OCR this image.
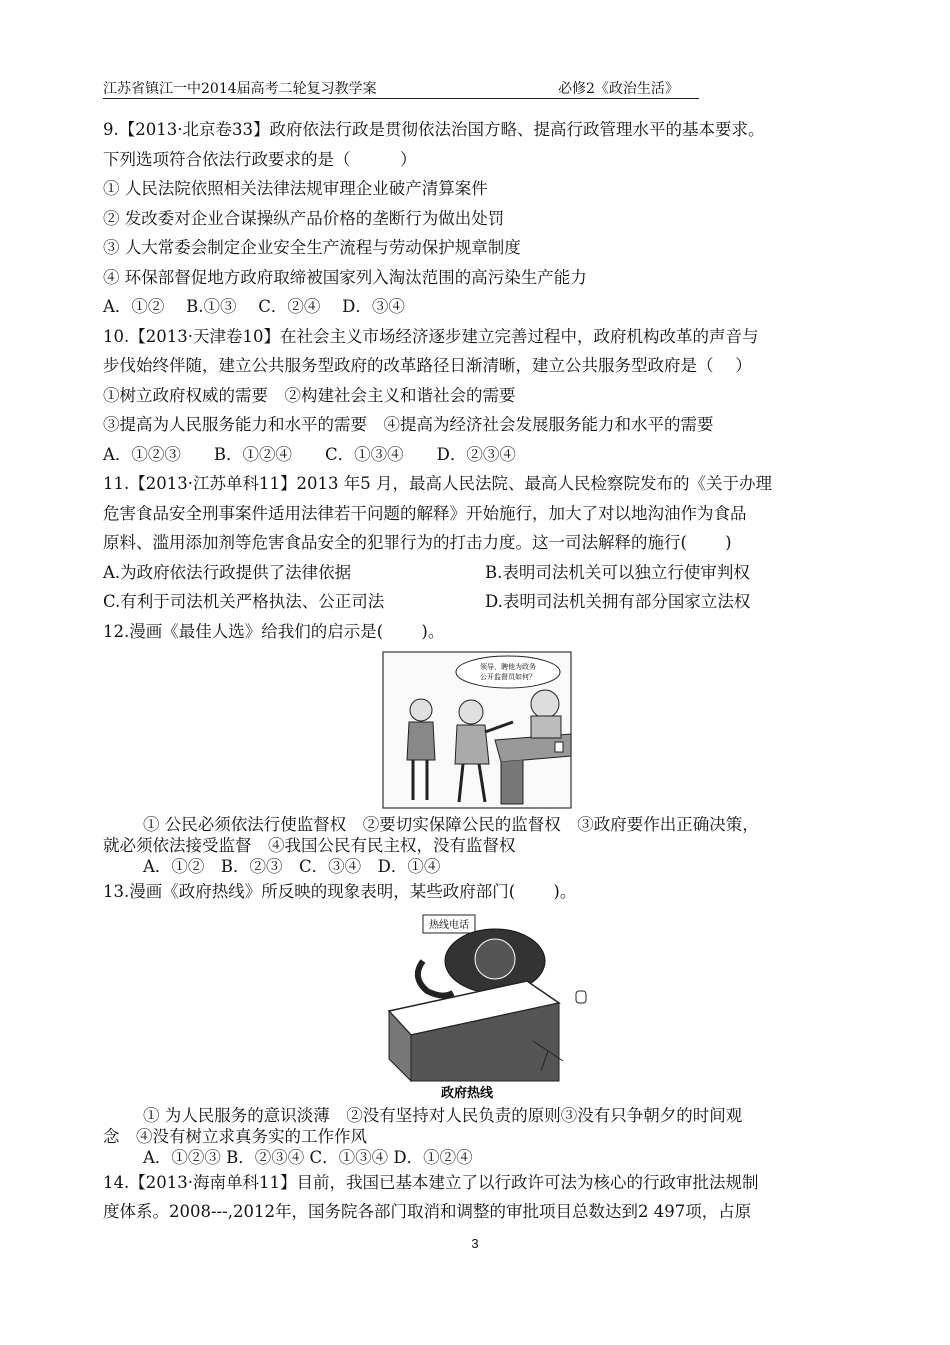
江苏省镇江一中2014届高考二轮复习教学案	必修2《政治生活》
9.【2013·北京卷33】政府依法行政是贯彻依法治国方略、提高行政管理水平的基本要求。
下列选项符合依法行政要求的是（　　　）
① 人民法院依照相关法律法规审理企业破产清算案件
② 发改委对企业合谋操纵产品价格的垄断行为做出处罚
③ 人大常委会制定企业安全生产流程与劳动保护规章制度
④ 环保部督促地方政府取缔被国家列入淘汰范围的高污染生产能力
A．①②　 B.①③　 C．②④　 D．③④
10.【2013·天津卷10】在社会主义市场经济逐步建立完善过程中，政府机构改革的声音与
步伐始终伴随，建立公共服务型政府的改革路径日渐清晰，建立公共服务型政府是（　 ）
①树立政府权威的需要　②构建社会主义和谐社会的需要
③提高为人民服务能力和水平的需要　④提高为经济社会发展服务能力和水平的需要
A．①②③　　B．①②④　　C．①③④　　D．②③④
11.【2013·江苏单科11】2013 年5 月，最高人民法院、最高人民检察院发布的《关于办理
危害食品安全刑事案件适用法律若干问题的解释》开始施行，加大了对以地沟油作为食品
原料、滥用添加剂等危害食品安全的犯罪行为的打击力度。这一司法解释的施行(　　 )
A.为政府依法行政提供了法律依据	B.表明司法机关可以独立行使审判权
C.有利于司法机关严格执法、公正司法	D.表明司法机关拥有部分国家立法权
12.漫画《最佳人选》给我们的启示是(　　 )。
领导，聘他为政务
公开监督员如何？
① 公民必须依法行使监督权　②要切实保障公民的监督权　③政府要作出正确决策，
就必须依法接受监督　④我国公民有民主权，没有监督权
A．①②　B．②③　C．③④　D．①④
13.漫画《政府热线》所反映的现象表明，某些政府部门(　　 )。
热线电话
政府热线
① 为人民服务的意识淡薄　②没有坚持对人民负责的原则③没有只争朝夕的时间观
念　④没有树立求真务实的工作作风
A．①②③ B．②③④ C．①③④ D．①②④
14.【2013·海南单科11】目前，我国已基本建立了以行政许可法为核心的行政审批法规制
度体系。2008---,2012年，国务院各部门取消和调整的审批项目总数达到2 497项，占原
3
